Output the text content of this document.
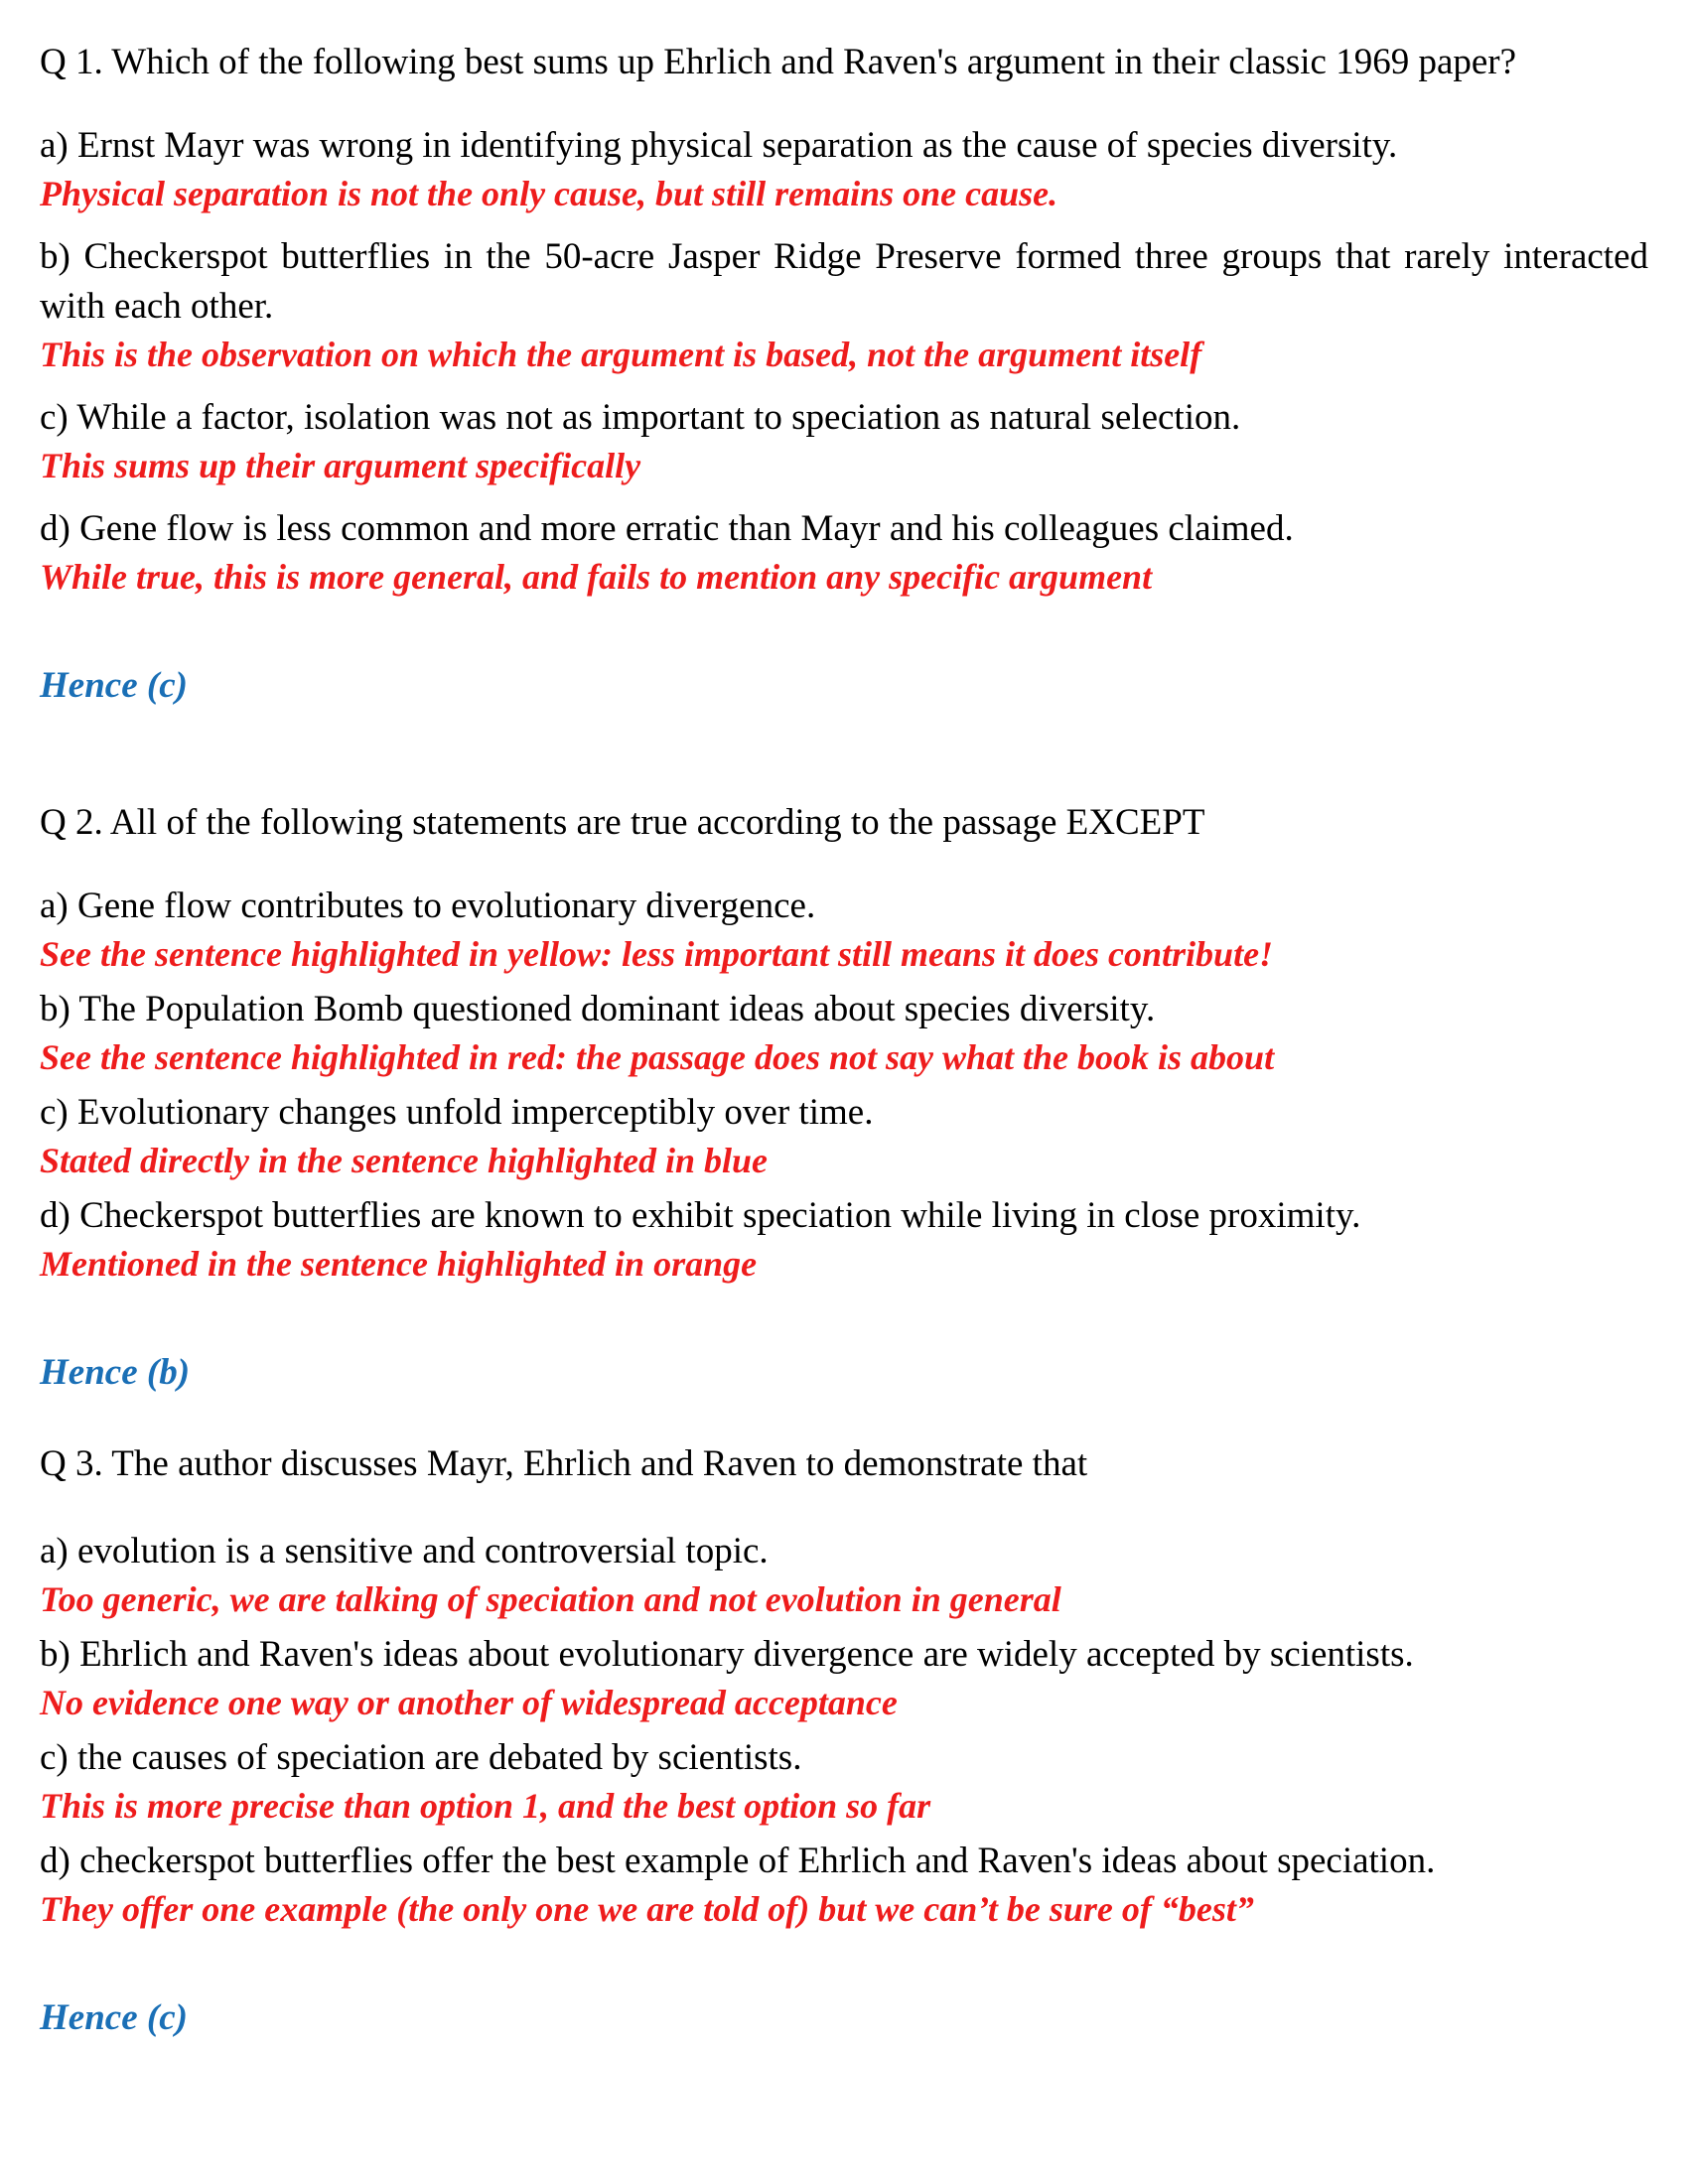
Q 1. Which of the following best sums up Ehrlich and Raven's argument in their classic 1969 paper?

a) Ernst Mayr was wrong in identifying physical separation as the cause of species diversity.

Physical separation is not the only cause, but still remains one cause.

b) Checkerspot butterflies in the 50-acre Jasper Ridge Preserve formed three groups that rarely interacted with each other.

This is the observation on which the argument is based, not the argument itself

c) While a factor, isolation was not as important to speciation as natural selection.

This sums up their argument specifically

d) Gene flow is less common and more erratic than Mayr and his colleagues claimed.

While true, this is more general, and fails to mention any specific argument

Hence (c)

Q 2. All of the following statements are true according to the passage EXCEPT

a) Gene flow contributes to evolutionary divergence.

See the sentence highlighted in yellow: less important still means it does contribute!

b) The Population Bomb questioned dominant ideas about species diversity.

See the sentence highlighted in red: the passage does not say what the book is about

c) Evolutionary changes unfold imperceptibly over time.

Stated directly in the sentence highlighted in blue

d) Checkerspot butterflies are known to exhibit speciation while living in close proximity.

Mentioned in the sentence highlighted in orange

Hence (b)

Q 3. The author discusses Mayr, Ehrlich and Raven to demonstrate that

a) evolution is a sensitive and controversial topic.

Too generic, we are talking of speciation and not evolution in general

b) Ehrlich and Raven's ideas about evolutionary divergence are widely accepted by scientists.

No evidence one way or another of widespread acceptance

c) the causes of speciation are debated by scientists.

This is more precise than option 1, and the best option so far

d) checkerspot butterflies offer the best example of Ehrlich and Raven's ideas about speciation.

They offer one example (the only one we are told of) but we can’t be sure of “best”

Hence (c)
